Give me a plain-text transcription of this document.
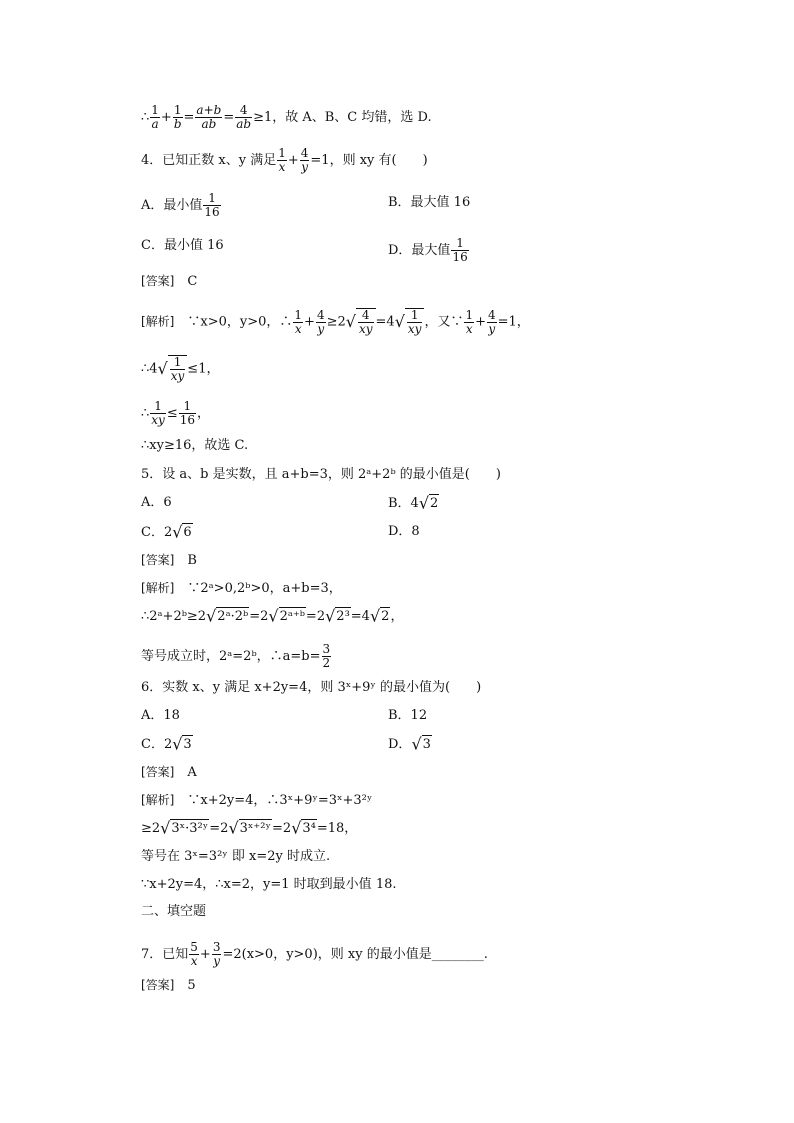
∴ $\frac{1}{a} + \frac{1}{b} = \frac{a+b}{ab} = \frac{4}{ab} \ge 1$，故 A、B、C 均错，选 D.
4．已知正数 x、y 满足 $\frac{1}{x} + \frac{4}{y} =1$，则 xy 有(　　)
A．最小值 $\frac{1}{16}$	B．最大值 16
C．最小值 16	D．最大值 $\frac{1}{16}$
[答案]　 C
[解析]　 ∵x>0，y>0，∴ $\frac{1}{x} + \frac{4}{y} \ge 2√ \frac{4}{xy} =4√ \frac{1}{xy}$ ，又∵ $\frac{1}{x} + \frac{4}{y} =1$，
∴4√ $\frac{1}{xy} \le 1$，
∴ $\frac{1}{xy} \le \frac{1}{16}$ ，
∴xy≥16，故选 C.
5．设 a、b 是实数，且 a+b=3，则 2ᵃ+2ᵇ 的最小值是(　　)
A．6	B．4√2
C．2√6	D．8
[答案]　 B
[解析]　 ∵2ᵃ>0,2ᵇ>0，a+b=3，
∴2ᵃ+2ᵇ≥2√2ᵃ·2ᵇ=2√2ᵃ⁺ᵇ=2√2³=4√2，
等号成立时，2ᵃ=2ᵇ，∴a=b= $\frac{3}{2}$
6．实数 x、y 满足 x+2y=4，则 3ˣ+9ʸ 的最小值为(　　)
A．18	B．12
C．2√3	D．√3
[答案]　 A
[解析]　 ∵x+2y=4，∴3ˣ+9ʸ=3ˣ+3²ʸ
≥2√3ˣ·3²ʸ=2√3ˣ⁺²ʸ=2√3⁴=18，
等号在 3ˣ=3²ʸ 即 x=2y 时成立.
∵x+2y=4，∴x=2，y=1 时取到最小值 18.
二、填空题
7．已知 $\frac{5}{x} + \frac{3}{y} =2(x>0$，y>0)，则 xy 的最小值是________.
[答案]　 5
